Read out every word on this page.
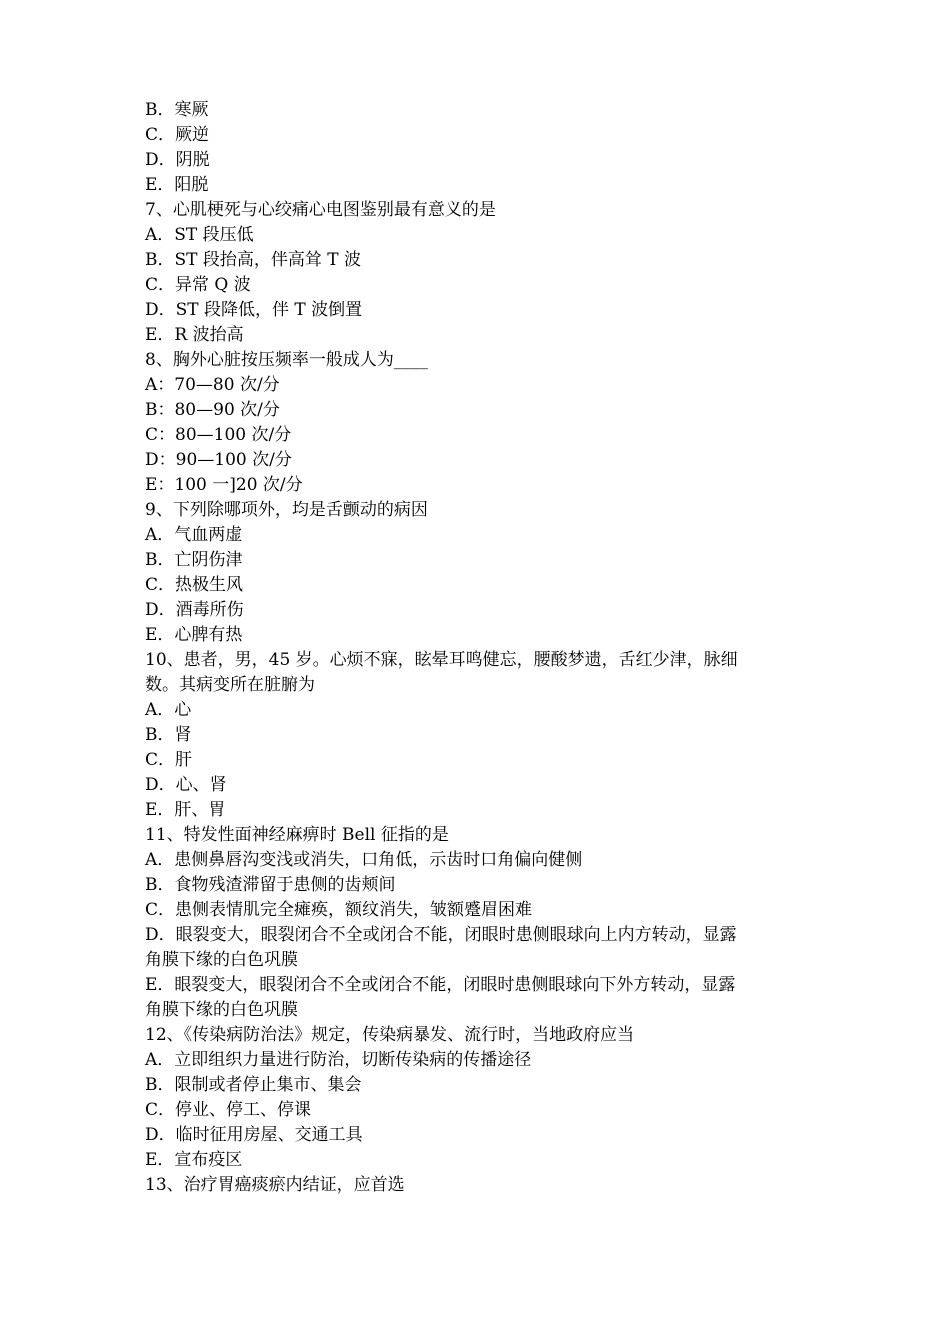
B．寒厥
C．厥逆
D．阴脱
E．阳脱
7、心肌梗死与心绞痛心电图鉴别最有意义的是
A．ST 段压低
B．ST 段抬高，伴高耸 T 波
C．异常 Q 波
D．ST 段降低，伴 T 波倒置
E．R 波抬高
8、胸外心脏按压频率一般成人为____
A：70—80 次/分
B：80—90 次/分
C：80—100 次/分
D：90—100 次/分
E：100 一]20 次/分
9、下列除哪项外，均是舌颤动的病因
A．气血两虚
B．亡阴伤津
C．热极生风
D．酒毒所伤
E．心脾有热
10、患者，男，45 岁。心烦不寐，眩晕耳鸣健忘，腰酸梦遗，舌红少津，脉细
数。其病变所在脏腑为
A．心
B．肾
C．肝
D．心、肾
E．肝、胃
11、特发性面神经麻痹时 Bell 征指的是
A．患侧鼻唇沟变浅或消失，口角低，示齿时口角偏向健侧
B．食物残渣滞留于患侧的齿颊间
C．患侧表情肌完全瘫痪，额纹消失，皱额蹙眉困难
D．眼裂变大，眼裂闭合不全或闭合不能，闭眼时患侧眼球向上内方转动，显露
角膜下缘的白色巩膜
E．眼裂变大，眼裂闭合不全或闭合不能，闭眼时患侧眼球向下外方转动，显露
角膜下缘的白色巩膜
12、《传染病防治法》规定，传染病暴发、流行时，当地政府应当
A．立即组织力量进行防治，切断传染病的传播途径
B．限制或者停止集市、集会
C．停业、停工、停课
D．临时征用房屋、交通工具
E．宣布疫区
13、治疗胃癌痰瘀内结证，应首选
